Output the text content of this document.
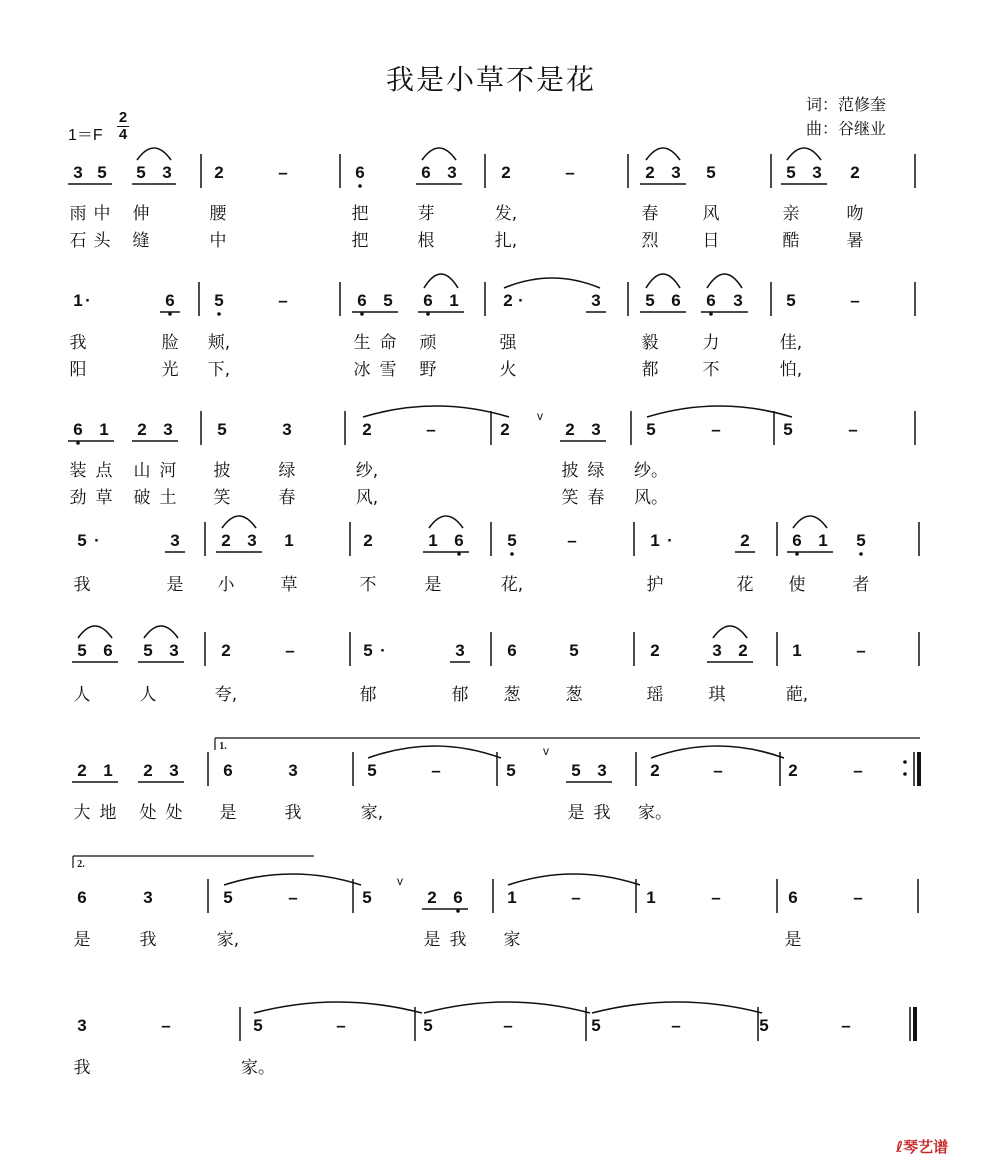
我是小草不是花
词：范修奎
曲：谷继业
1＝F
2
4
3 5 5 3	2	–	6	6 3	2	–	2 3 5	5 3 2
雨 中 伸	腰	把	芽	发,	春	风	亲	吻
石 头 缝	中	把	根	扎,	烈	日	酷	暑
1 ·	6 5	–	6 5 6 1	2 ·	3	5 6 6 3	5	–
我	脸 颊,	生 命 顽	强	毅	力	佳,
阳	光 下,	冰 雪 野	火	都	不	怕,
6 1 2 3	5	3	2	–	2	2 3	5	–	5	–
v
装 点 山 河 披	绿	纱,	披 绿 纱。
劲 草 破 土 笑	春	风,	笑 春 风。
5 ·	3 2 3 1	2	1 6	5	–	1 ·	2	6 1 5
我	是 小	草	不	是	花,	护	花 使	者
5 6 5 3	2	–	5 ·	3	6	5	2	3 2	1	–
人	人	夸,	郁	郁 葱	葱	瑶	琪	葩,
2 1 2 3	6	3	5	–	5	5 3	2	–	2	–
v
1.
大 地 处 处 是	我	家,	是 我 家。
6	3	5	–	5	2 6	1	–	1	–	6	–
v
2.
是	我	家,	是 我 家	是
3	–	5	–	5	–	5	–	5	–
我	家。
ℓ琴艺谱
